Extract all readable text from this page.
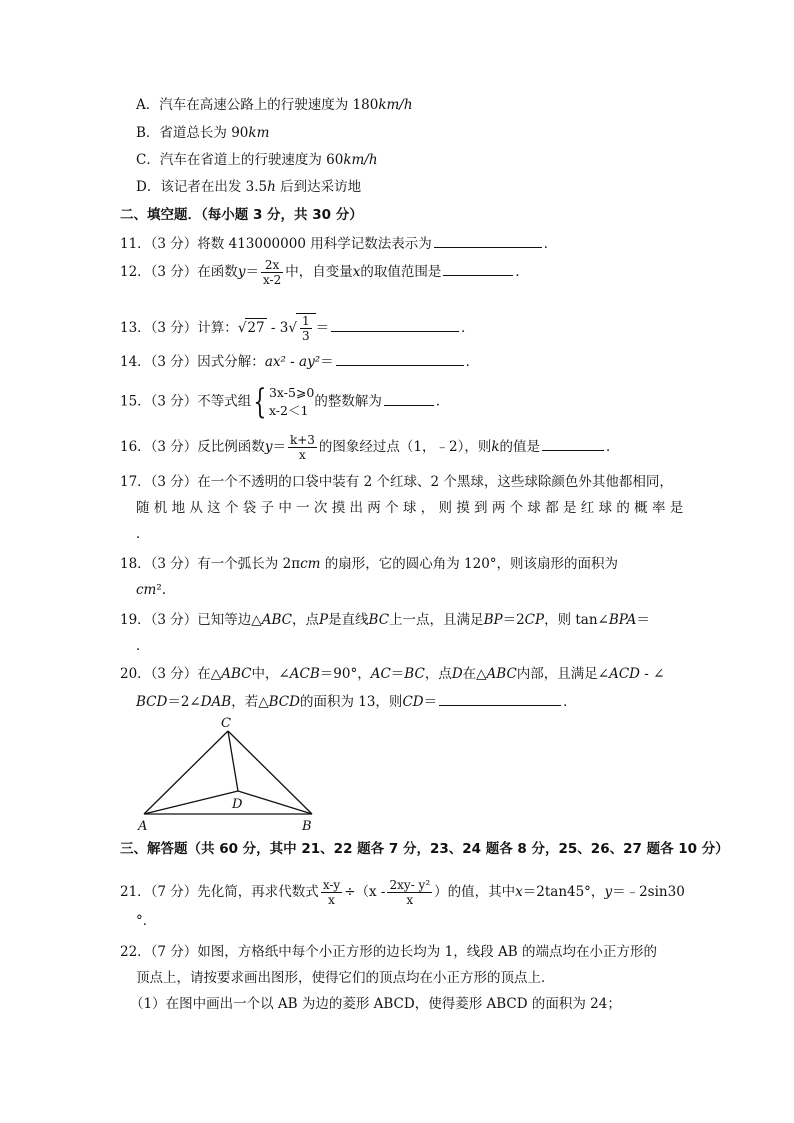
A．汽车在高速公路上的行驶速度为 180km/h
B．省道总长为 90km
C．汽车在省道上的行驶速度为 60km/h
D．该记者在出发 3.5h 后到达采访地
二、填空题．（每小题 3 分，共 30 分）
11．（3 分）将数 413000000 用科学记数法表示为	．
12．（3 分）在函数$y= \frac{2x}{x-2}$ 中，自变量x的取值范围是	．
13．（3 分）计算：$√27 - 3√ \frac{1}{3}$ ＝	．
14．（3 分）因式分解：ax² - ay²＝	．
15．（3 分）不等式组{ 3x-5⩾0
x-2＜1
的整数解为	．
16．（3 分）反比例函数$y= \frac{k+3}{x}$ 的图象经过点（1，﹣2），则k的值是	．
17．（3 分）在一个不透明的口袋中装有 2 个红球、2 个黑球，这些球除颜色外其他都相同，
随 机 地 从 这 个 袋 子 中 一 次 摸 出 两 个 球 ， 则 摸 到 两 个 球 都 是 红 球 的 概 率 是
．
18．（3 分）有一个弧长为 2πcm 的扇形，它的圆心角为 120°，则该扇形的面积为
cm².
19．（3 分）已知等边△ABC，点P是直线BC上一点，且满足BP＝2CP，则 tan∠BPA＝
．
20．（3 分）在△ABC中，∠ACB＝90°，AC＝BC，点D在△ABC内部，且满足∠ACD - ∠
BCD＝2∠DAB，若△BCD的面积为 13，则CD＝	．
C
D
A	B
三、解答题（共 60 分，其中 21、22 题各 7 分，23、24 题各 8 分，25、26、27 题各 10 分）
21．（7 分）先化简，再求代数式 $\frac{x-y}{x} \div(x - \frac{\text{2xy- y²}}{x}$ ）的值，其中x＝2tan45°，y＝﹣2sin30
°．
22．（7 分）如图，方格纸中每个小正方形的边长均为 1，线段 AB 的端点均在小正方形的
顶点上，请按要求画出图形，使得它们的顶点均在小正方形的顶点上．
（1）在图中画出一个以 AB 为边的菱形 ABCD，使得菱形 ABCD 的面积为 24；
